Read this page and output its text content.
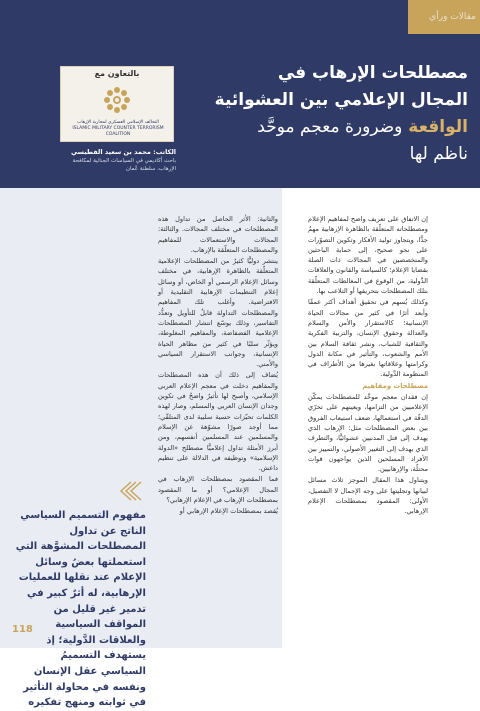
مقالات ورأي
مصطلحات الإرهاب في
المجال الإعلامي بين العشوائية
الواقعة وضرورة معجم موحَّد
ناظم لها
بالتعاون مع
التحالف الإسلامي العسكري لمحاربة الإرهاب
ISLAMIC MILITARY COUNTER TERRORISM COALITION
الكاتب: محمد بن سعيد الفطيسي
باحث أكاديمي في السياسات الجنائية لمكافحة الإرهاب، سلطنة عُمان

إن الاتفاق على تعريف واضح لمفاهيم الإعلام ومصطلحاته المتعلّقة بالظاهرة الإرهابية مهمٌ جدًّا، ويتجاوز توليد الأفكار وتكوين التصوّرات على نحو صحيح، إلى حماية الباحثين والمتخصصين في المجالات ذات الصلة بقضايا الإعلام؛ كالسياسة والقانون والعلاقات الدَّولية، من الوقوع في المغالطات المتعلّقة بتلك المصطلحات بتحريفها أو التلاعب بها.

وكذلك يُسهم في تحقيق أهداف أكثر عمقًا وأبعد أثرًا في كثير من مجالات الحياة الإنسانية؛ كالاستقرار والأمن والسلام والعدالة وحقوق الإنسان، والتربية الفكرية والثقافية للشباب، ونشر ثقافة السلام بين الأمم والشعوب، والتأثير في مكانة الدول وكرامتها وعلاقاتها بغيرها من الأطراف في المنظومة الدَّولية.

مصطلحات ومفاهيم

إن فقدان معجم موحَّد للمصطلحات يمكّن الإعلاميين من التزامها، ويعينهم على تحرّي الدقّة في استعمالها، ضعف استيعاب الفروق بين بعض المصطلحات مثل: الإرهاب الذي يهدف إلى قتل المدنيين عشوائيًّا، والتطرف الذي يهدف إلى التغيير الأصولي، والتمييز بين الأفراد المسلحين الذين يواجهون قوات محتلّة، والإرهابيين.

ويتناول هذا المقال الموجز ثلاث مسائل لبيانها وتجليتها على وجه الإجمال لا التفصيل، الأولى: المقصود بمصطلحات الإعلام الإرهابي.

والثانية: الأثر الحاصل من تداول هذه المصطلحات في مختلف المجالات. والثالثة: المجالات والاستعمالات للمفاهيم والمصطلحات المتعلّقة بالإرهاب.

ينتشر دوليًّا كثيرٌ من المصطلحات الإعلامية المتعلّقة بالظاهرة الإرهابية، في مختلف وسائل الإعلام الرسمي أو الخاص، أو وسائل إعلام التنظيمات الإرهابية التقليدية أو الافتراضية. وأغلب تلك المفاهيم والمصطلحات التداولة قابلٌ للتأويل وتعدُّد التفاسير، وذلك يوسّع انتشار المصطلحات الإعلامية الفضفاضة، والمفاهيم المغلوطة، ويؤثّر سلبًا في كثير من مظاهر الحياة الإنسانية، وجوانب الاستقرار السياسي والأمني.

يُضاف إلى ذلك أن هذه المصطلحات والمفاهيم دخلت في معجم الإعلام العربي الإسلامي، وأصبح لها تأثيرٌ واضحٌ في تكوين وجدان الإنسان العربي والمسلم، وصار لهذه الكلمات تحيّزات حسية سلبية لدى المتلقّي؛ مما أوجد صورًا مشوّهة عن الإسلام والمسلمين عند المسلمين أنفسهم، ومن أبرز الأمثلة تداول إعلاميًّا مصطلح «الدولة الإسلامية» وتوظيفه في الدلالة على تنظيم داعش.

فما المقصود بمصطلحات الإرهاب في المجال الإعلامي؟ أو ما المقصود بمصطلحات الإرهاب في الإعلام الإرهابي؟

يُقصد بمصطلحات الإعلام الإرهابي أو

مفهوم التسميم السياسي الناتج عن تداول المصطلحات المشوَّهة التي استعملتها بعضُ وسائل الإعلام عند نقلها للعمليات الإرهابية، له أثرٌ كبير في تدمير غير قليل من المواقف السياسية والعلاقات الدَّولية؛ إذ يستهدف التسميمُ السياسي عقل الإنسان ونفسه في محاولة التأثير في ثوابته ومنهج تفكيره
118
